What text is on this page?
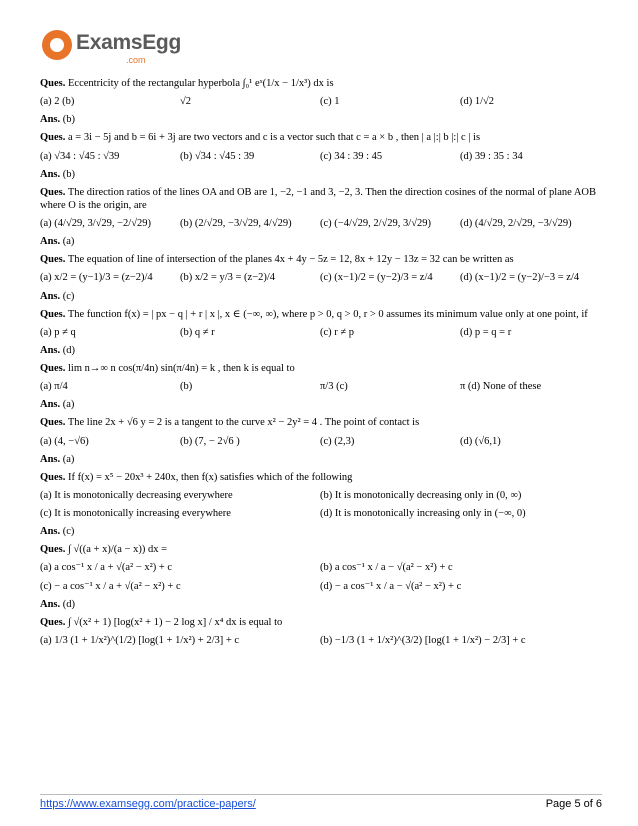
ExamsEgg
.com
Ques. Eccentricity of the rectangular hyperbola ∫₀¹ eˣ(1/x − 1/x³) dx is
(a) 2 (b)	√2	(c) 1	(d) 1/√2
Ans. (b)
Ques. a = 3i − 5j and b = 6i + 3j are two vectors and c is a vector such that c = a × b , then | a |:| b |:| c | is
(a) √34 : √45 : √39	(b) √34 : √45 : 39	(c) 34 : 39 : 45	(d) 39 : 35 : 34
Ans. (b)
Ques. The direction ratios of the lines OA and OB are 1, −2, −1 and 3, −2, 3. Then the direction cosines of the normal of plane AOB where O is the origin, are
(a) (4/√29, 3/√29, −2/√29)	(b) (2/√29, −3/√29, 4/√29)	(c) (−4/√29, 2/√29, 3/√29)	(d) (4/√29, 2/√29, −3/√29)
Ans. (a)
Ques. The equation of line of intersection of the planes 4x + 4y − 5z = 12, 8x + 12y − 13z = 32 can be written as
(a) x/2 = (y−1)/3 = (z−2)/4	(b) x/2 = y/3 = (z−2)/4	(c) (x−1)/2 = (y−2)/3 = z/4	(d) (x−1)/2 = (y−2)/−3 = z/4
Ans. (c)
Ques. The function f(x) = | px − q | + r | x |, x ∈ (−∞, ∞), where p > 0, q > 0, r > 0 assumes its minimum value only at one point, if
(a) p ≠ q	(b) q ≠ r	(c) r ≠ p	(d) p = q = r
Ans. (d)
Ques. lim n→∞ n cos(π/4n) sin(π/4n) = k , then k is equal to
(a) π/4	(b)	π/3 (c)	π (d) None of these
Ans. (a)
Ques. The line 2x + √6 y = 2 is a tangent to the curve x² − 2y² = 4 . The point of contact is
(a) (4, −√6)	(b) (7, − 2√6 )	(c) (2,3)	(d) (√6,1)
Ans. (a)
Ques. If f(x) = x⁵ − 20x³ + 240x, then f(x) satisfies which of the following
(a) It is monotonically decreasing everywhere	(b) It is monotonically decreasing only in (0, ∞)
(c) It is monotonically increasing everywhere	(d) It is monotonically increasing only in (−∞, 0)
Ans. (c)
Ques. ∫ √((a + x)/(a − x)) dx =
(a) a cos⁻¹ x / a + √(a² − x²) + c	(b) a cos⁻¹ x / a − √(a² − x²) + c
(c) − a cos⁻¹ x / a + √(a² − x²) + c	(d) − a cos⁻¹ x / a − √(a² − x²) + c
Ans. (d)
Ques. ∫ √(x² + 1) [log(x² + 1) − 2 log x] / x⁴ dx is equal to
(a) 1/3 (1 + 1/x²)^(1/2) [log(1 + 1/x²) + 2/3] + c	(b) −1/3 (1 + 1/x²)^(3/2) [log(1 + 1/x²) − 2/3] + c
https://www.examsegg.com/practice-papers/	Page 5 of 6
